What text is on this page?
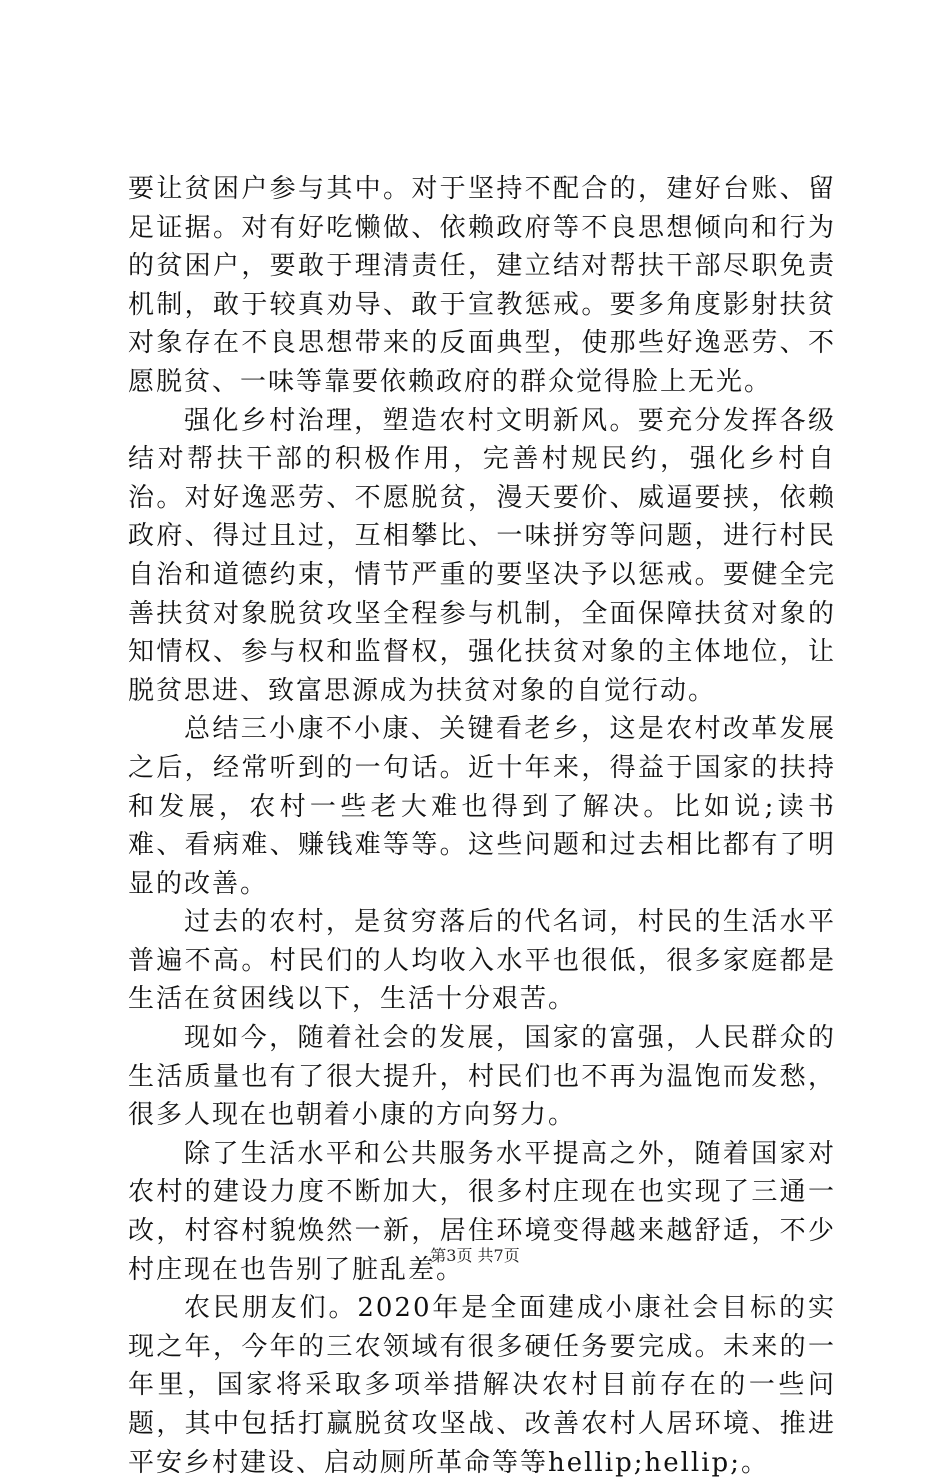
要让贫困户参与其中。对于坚持不配合的，建好台账、留足证据。对有好吃懒做、依赖政府等不良思想倾向和行为的贫困户，要敢于理清责任，建立结对帮扶干部尽职免责机制，敢于较真劝导、敢于宣教惩戒。要多角度影射扶贫对象存在不良思想带来的反面典型，使那些好逸恶劳、不愿脱贫、一味等靠要依赖政府的群众觉得脸上无光。

强化乡村治理，塑造农村文明新风。要充分发挥各级结对帮扶干部的积极作用，完善村规民约，强化乡村自治。对好逸恶劳、不愿脱贫，漫天要价、威逼要挟，依赖政府、得过且过，互相攀比、一味拼穷等问题，进行村民自治和道德约束，情节严重的要坚决予以惩戒。要健全完善扶贫对象脱贫攻坚全程参与机制，全面保障扶贫对象的知情权、参与权和监督权，强化扶贫对象的主体地位，让脱贫思进、致富思源成为扶贫对象的自觉行动。

总结三小康不小康、关键看老乡，这是农村改革发展之后，经常听到的一句话。近十年来，得益于国家的扶持和发展，农村一些老大难也得到了解决。比如说;读书难、看病难、赚钱难等等。这些问题和过去相比都有了明显的改善。

过去的农村，是贫穷落后的代名词，村民的生活水平普遍不高。村民们的人均收入水平也很低，很多家庭都是生活在贫困线以下，生活十分艰苦。

现如今，随着社会的发展，国家的富强，人民群众的生活质量也有了很大提升，村民们也不再为温饱而发愁，很多人现在也朝着小康的方向努力。

除了生活水平和公共服务水平提高之外，随着国家对农村的建设力度不断加大，很多村庄现在也实现了三通一改，村容村貌焕然一新，居住环境变得越来越舒适，不少村庄现在也告别了脏乱差。

农民朋友们。2020年是全面建成小康社会目标的实现之年，今年的三农领域有很多硬任务要完成。未来的一年里，国家将采取多项举措解决农村目前存在的一些问题，其中包括打赢脱贫攻坚战、改善农村人居环境、推进平安乡村建设、启动厕所革命等等hellip;hellip;。

第3页 共7页
